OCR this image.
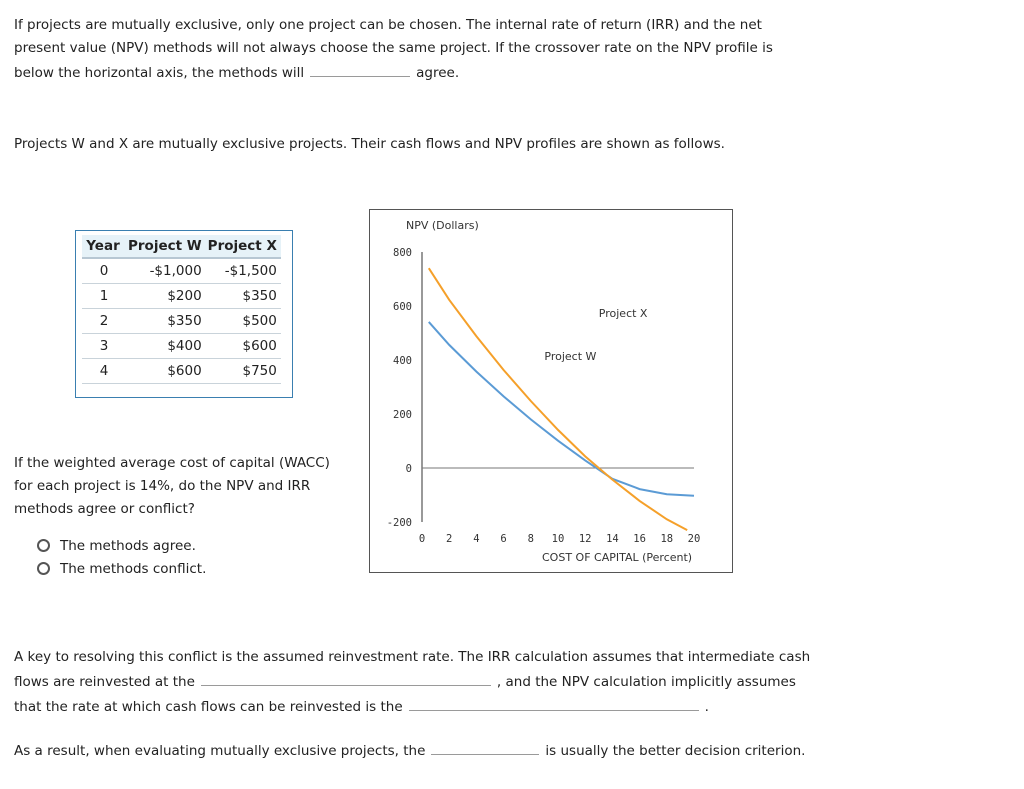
If projects are mutually exclusive, only one project can be chosen. The internal rate of return (IRR) and the net
present value (NPV) methods will not always choose the same project. If the crossover rate on the NPV profile is
below the horizontal axis, the methods will	agree.
Projects W and X are mutually exclusive projects. Their cash flows and NPV profiles are shown as follows.
Year	Project W	Project X
0	-$1,000	-$1,500
1	$200	$350
2	$350	$500
3	$400	$600
4	$600	$750
If the weighted average cost of capital (WACC)
for each project is 14%, do the NPV and IRR
methods agree or conflict?
The methods agree.
The methods conflict.
NPV (Dollars)
COST OF CAPITAL (Percent)
800
600
400
200
0
-200
0 2 4 6 8 10 12 14 16 18 20
Project W
Project X
A key to resolving this conflict is the assumed reinvestment rate. The IRR calculation assumes that intermediate cash
flows are reinvested at the	, and the NPV calculation implicitly assumes
that the rate at which cash flows can be reinvested is the	.
As a result, when evaluating mutually exclusive projects, the	is usually the better decision criterion.
